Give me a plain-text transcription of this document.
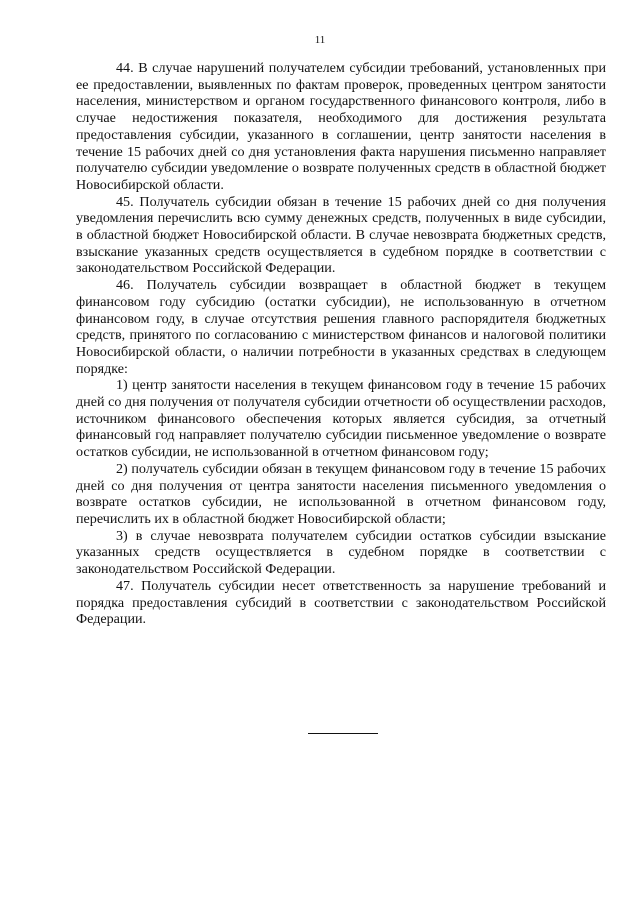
11

44. В случае нарушений получателем субсидии требований, установленных при ее предоставлении, выявленных по фактам проверок, проведенных центром занятости населения, министерством и органом государственного финансового контроля, либо в случае недостижения показателя, необходимого для достижения результата предоставления субсидии, указанного в соглашении, центр занятости населения в течение 15 рабочих дней со дня установления факта нарушения письменно направляет получателю субсидии уведомление о возврате полученных средств в областной бюджет Новосибирской области.

45. Получатель субсидии обязан в течение 15 рабочих дней со дня получения уведомления перечислить всю сумму денежных средств, полученных в виде субсидии, в областной бюджет Новосибирской области. В случае невозврата бюджетных средств, взыскание указанных средств осуществляется в судебном порядке в соответствии с законодательством Российской Федерации.

46. Получатель субсидии возвращает в областной бюджет в текущем финансовом году субсидию (остатки субсидии), не использованную в отчетном финансовом году, в случае отсутствия решения главного распорядителя бюджетных средств, принятого по согласованию с министерством финансов и налоговой политики Новосибирской области, о наличии потребности в указанных средствах в следующем порядке:

1) центр занятости населения в текущем финансовом году в течение 15 рабочих дней со дня получения от получателя субсидии отчетности об осуществлении расходов, источником финансового обеспечения которых является субсидия, за отчетный финансовый год направляет получателю субсидии письменное уведомление о возврате остатков субсидии, не использованной в отчетном финансовом году;

2) получатель субсидии обязан в текущем финансовом году в течение 15 рабочих дней со дня получения от центра занятости населения письменного уведомления о возврате остатков субсидии, не использованной в отчетном финансовом году, перечислить их в областной бюджет Новосибирской области;

3) в случае невозврата получателем субсидии остатков субсидии взыскание указанных средств осуществляется в судебном порядке в соответствии с законодательством Российской Федерации.

47. Получатель субсидии несет ответственность за нарушение требований и порядка предоставления субсидий в соответствии с законодательством Российской Федерации.
